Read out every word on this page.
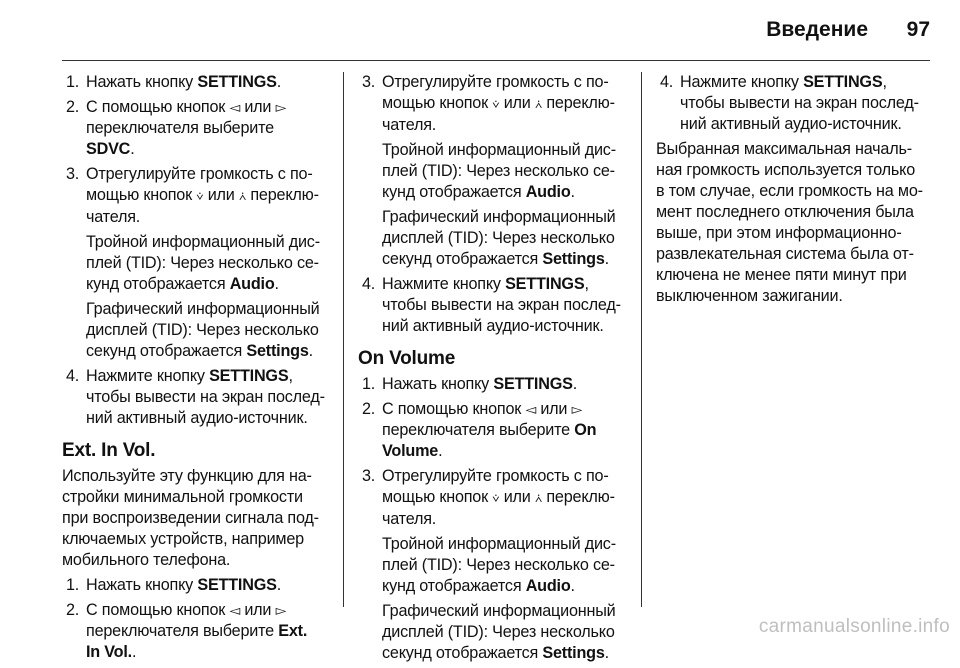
Введение 97
1. Нажать кнопку SETTINGS.
2. С помощью кнопок ◅ или ▻
переключателя выберите
SDVC.
3. Отрегулируйте громкость с по-
мощью кнопок ⩒ или ⩑ переклю-
чателя.
Тройной информационный дис-
плей (TID): Через несколько се-
кунд отображается Audio.
Графический информационный
дисплей (TID): Через несколько
секунд отображается Settings.
4. Нажмите кнопку SETTINGS,
чтобы вывести на экран послед-
ний активный аудио-источник.
Ext. In Vol.
Используйте эту функцию для на-
стройки минимальной громкости
при воспроизведении сигнала под-
ключаемых устройств, например
мобильного телефона.
1. Нажать кнопку SETTINGS.
2. С помощью кнопок ◅ или ▻
переключателя выберите Ext.
In Vol..
3. Отрегулируйте громкость с по-
мощью кнопок ⩒ или ⩑ переклю-
чателя.
Тройной информационный дис-
плей (TID): Через несколько се-
кунд отображается Audio.
Графический информационный
дисплей (TID): Через несколько
секунд отображается Settings.
4. Нажмите кнопку SETTINGS,
чтобы вывести на экран послед-
ний активный аудио-источник.
On Volume
1. Нажать кнопку SETTINGS.
2. С помощью кнопок ◅ или ▻
переключателя выберите On
Volume.
3. Отрегулируйте громкость с по-
мощью кнопок ⩒ или ⩑ переклю-
чателя.
Тройной информационный дис-
плей (TID): Через несколько се-
кунд отображается Audio.
Графический информационный
дисплей (TID): Через несколько
секунд отображается Settings.
4. Нажмите кнопку SETTINGS,
чтобы вывести на экран послед-
ний активный аудио-источник.
Выбранная максимальная началь-
ная громкость используется только
в том случае, если громкость на мо-
мент последнего отключения была
выше, при этом информационно-
развлекательная система была от-
ключена не менее пяти минут при
выключенном зажигании.
carmanualsonline.info
